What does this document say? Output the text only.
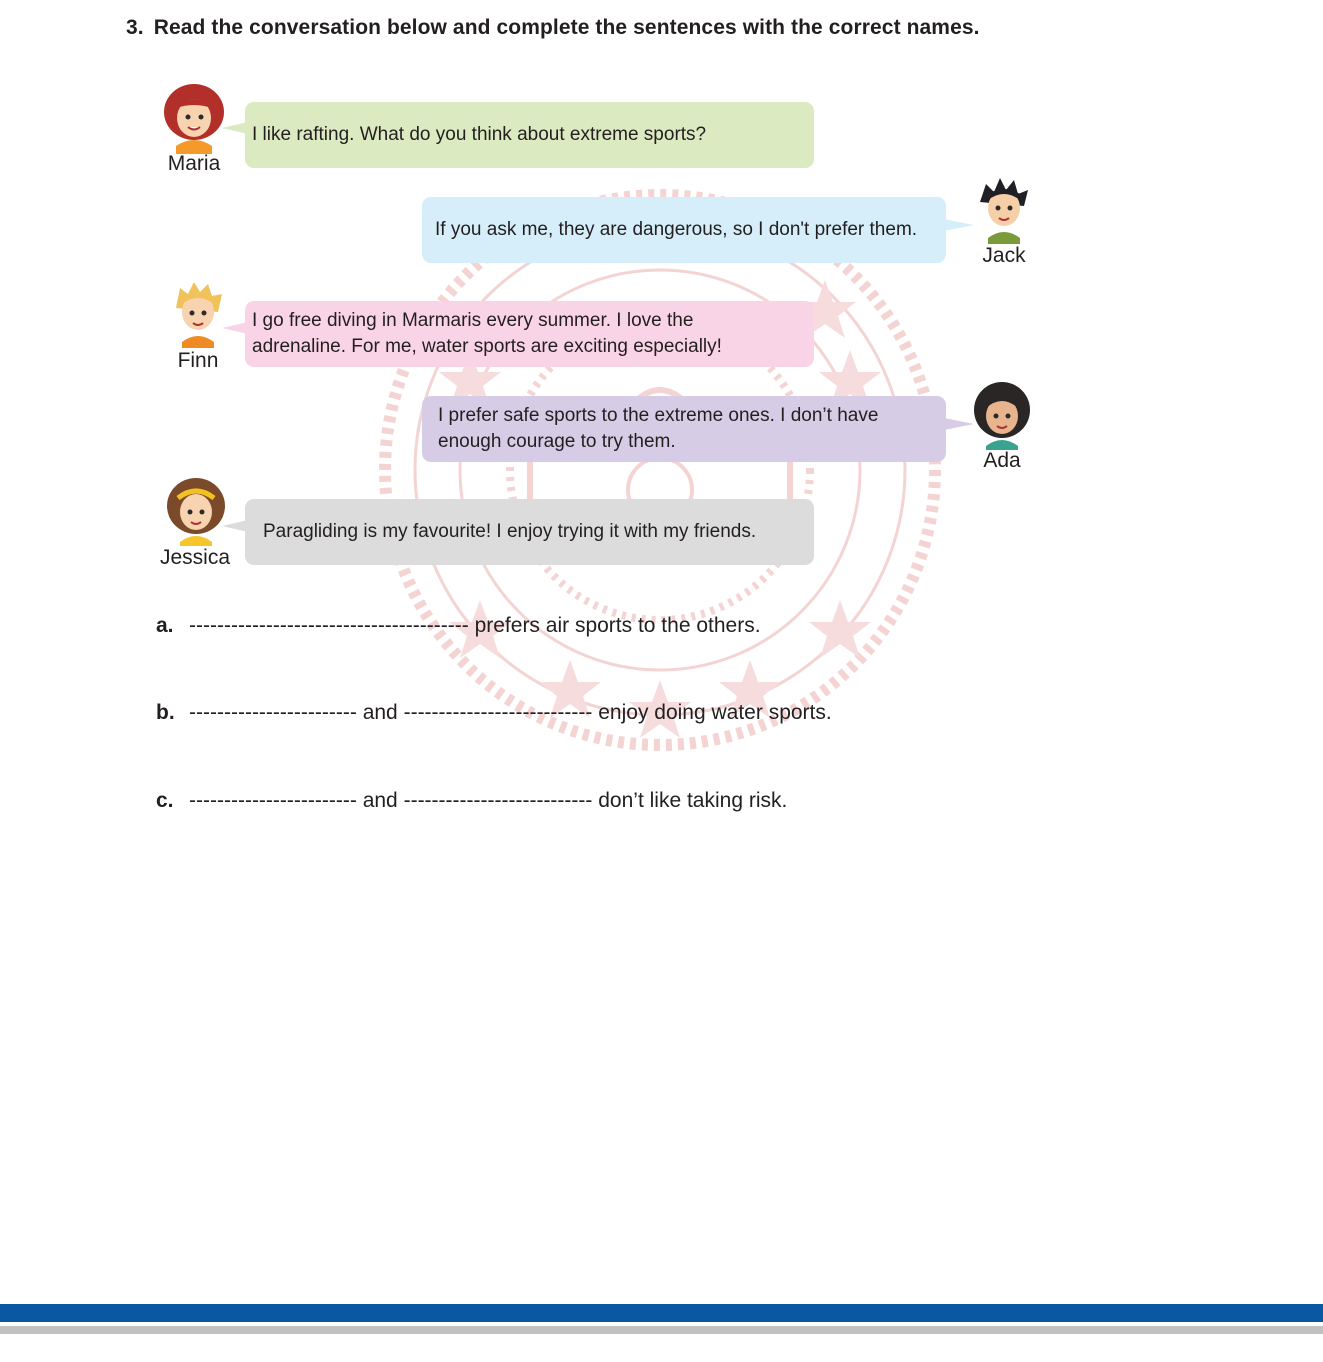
3. Read the conversation below and complete the sentences with the correct names.
Maria
I like rafting. What do you think about extreme sports?
Jack
If you ask me, they are dangerous, so I don't prefer them.
Finn
I go free diving in Marmaris every summer. I love the
adrenaline. For me, water sports are exciting especially!
Ada
I prefer safe sports to the extreme ones. I don’t have
enough courage to try them.
Jessica
Paragliding is my favourite! I enjoy trying it with my friends.
a. ---------------------------------------- prefers air sports to the others.
b. ------------------------ and --------------------------- enjoy doing water sports.
c. ------------------------ and --------------------------- don’t like taking risk.
